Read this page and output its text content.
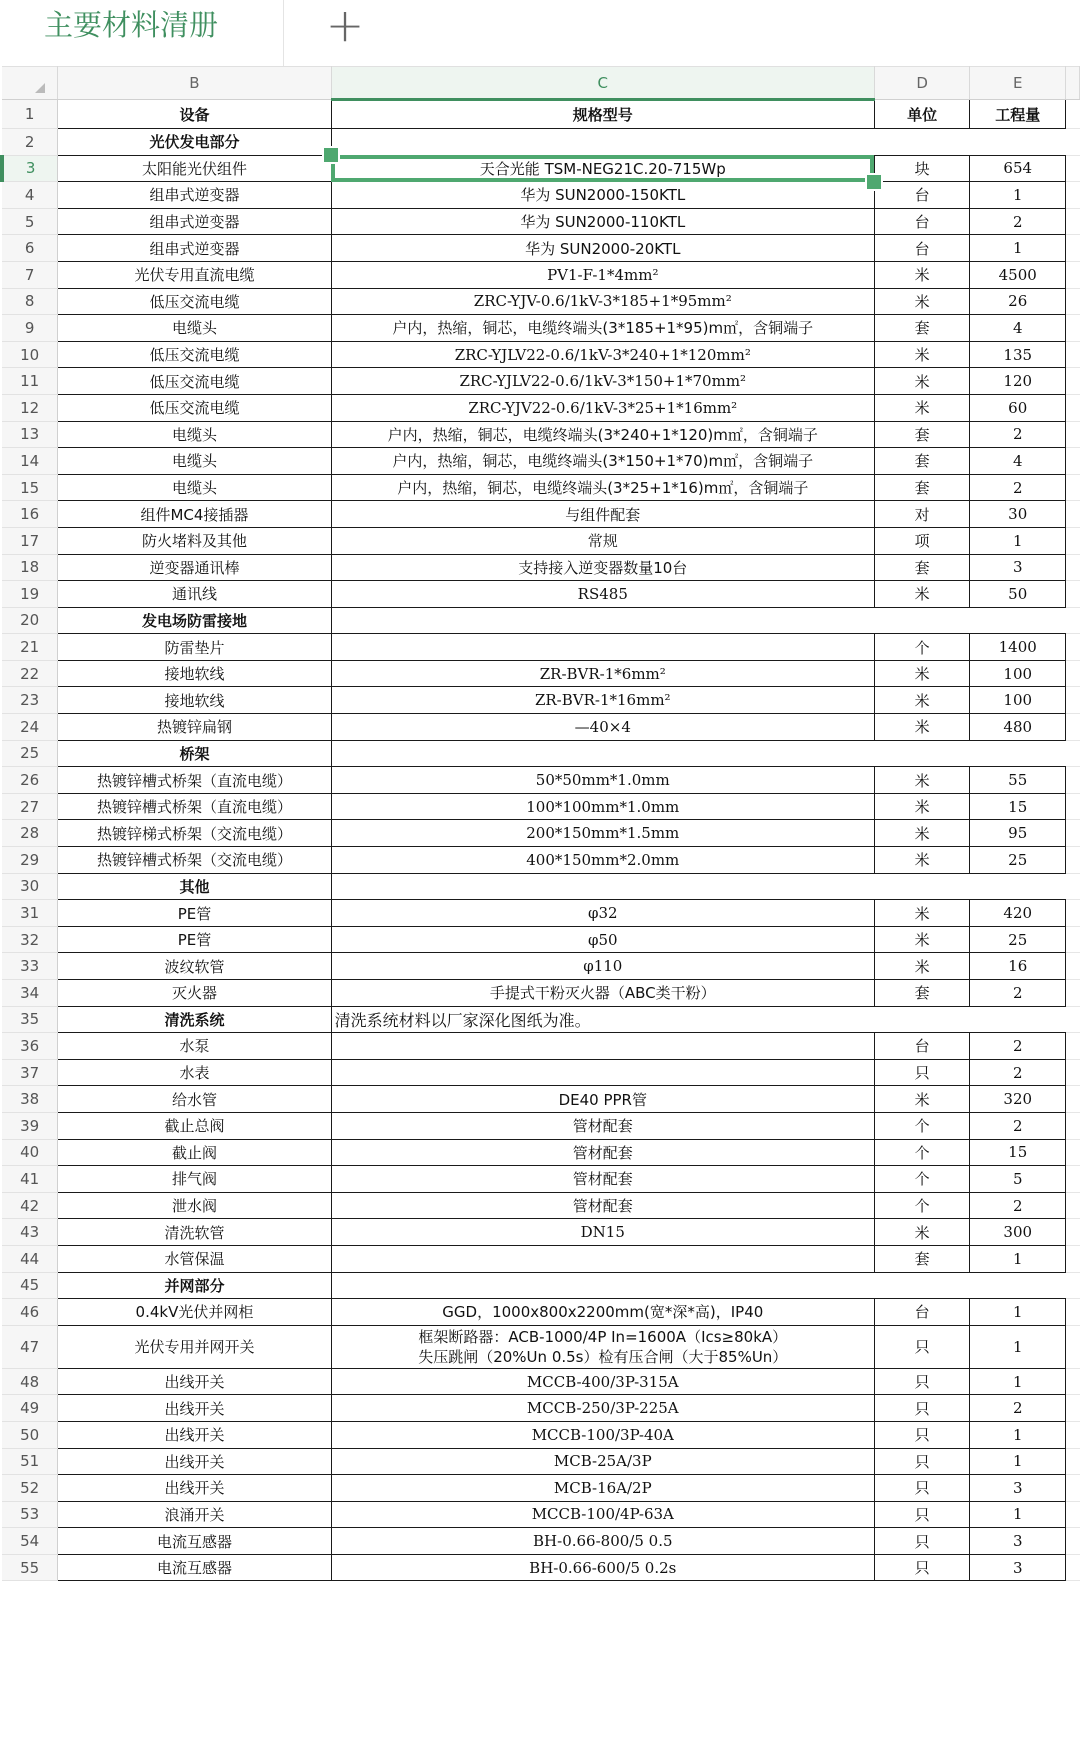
主要材料清册	+
	B	C	D	E	
1	设备	规格型号	单位	工程量	
2	光伏发电部分				
3	太阳能光伏组件	天合光能 TSM-NEG21C.20-715Wp	块	654	
4	组串式逆变器	华为 SUN2000-150KTL	台	1	
5	组串式逆变器	华为 SUN2000-110KTL	台	2	
6	组串式逆变器	华为 SUN2000-20KTL	台	1	
7	光伏专用直流电缆	PV1-F-1*4mm²	米	4500	
8	低压交流电缆	ZRC-YJV-0.6/1kV-3*185+1*95mm²	米	26	
9	电缆头	户内，热缩，铜芯，电缆终端头(3*185+1*95)m㎡，含铜端子	套	4	
10	低压交流电缆	ZRC-YJLV22-0.6/1kV-3*240+1*120mm²	米	135	
11	低压交流电缆	ZRC-YJLV22-0.6/1kV-3*150+1*70mm²	米	120	
12	低压交流电缆	ZRC-YJV22-0.6/1kV-3*25+1*16mm²	米	60	
13	电缆头	户内，热缩，铜芯，电缆终端头(3*240+1*120)m㎡，含铜端子	套	2	
14	电缆头	户内，热缩，铜芯，电缆终端头(3*150+1*70)m㎡，含铜端子	套	4	
15	电缆头	户内，热缩，铜芯，电缆终端头(3*25+1*16)m㎡，含铜端子	套	2	
16	组件MC4接插器	与组件配套	对	30	
17	防火堵料及其他	常规	项	1	
18	逆变器通讯棒	支持接入逆变器数量10台	套	3	
19	通讯线	RS485	米	50	
20	发电场防雷接地				
21	防雷垫片		个	1400	
22	接地软线	ZR-BVR-1*6mm²	米	100	
23	接地软线	ZR-BVR-1*16mm²	米	100	
24	热镀锌扁钢	—40×4	米	480	
25	桥架				
26	热镀锌槽式桥架（直流电缆）	50*50mm*1.0mm	米	55	
27	热镀锌槽式桥架（直流电缆）	100*100mm*1.0mm	米	15	
28	热镀锌梯式桥架（交流电缆）	200*150mm*1.5mm	米	95	
29	热镀锌槽式桥架（交流电缆）	400*150mm*2.0mm	米	25	
30	其他				
31	PE管	φ32	米	420	
32	PE管	φ50	米	25	
33	波纹软管	φ110	米	16	
34	灭火器	手提式干粉灭火器（ABC类干粉）	套	2	
35	清洗系统	清洗系统材料以厂家深化图纸为准。			
36	水泵		台	2	
37	水表		只	2	
38	给水管	DE40 PPR管	米	320	
39	截止总阀	管材配套	个	2	
40	截止阀	管材配套	个	15	
41	排气阀	管材配套	个	5	
42	泄水阀	管材配套	个	2	
43	清洗软管	DN15	米	300	
44	水管保温		套	1	
45	并网部分				
46	0.4kV光伏并网柜	GGD，1000x800x2200mm(宽*深*高)，IP40	台	1	
47	光伏专用并网开关	框架断路器：ACB-1000/4P In=1600A（Ics≥80kA）
失压跳闸（20%Un 0.5s）检有压合闸（大于85%Un）	只	1	
48	出线开关	MCCB-400/3P-315A	只	1	
49	出线开关	MCCB-250/3P-225A	只	2	
50	出线开关	MCCB-100/3P-40A	只	1	
51	出线开关	MCB-25A/3P	只	1	
52	出线开关	MCB-16A/2P	只	3	
53	浪涌开关	MCCB-100/4P-63A	只	1	
54	电流互感器	BH-0.66-800/5 0.5	只	3	
55	电流互感器	BH-0.66-600/5 0.2s	只	3	
